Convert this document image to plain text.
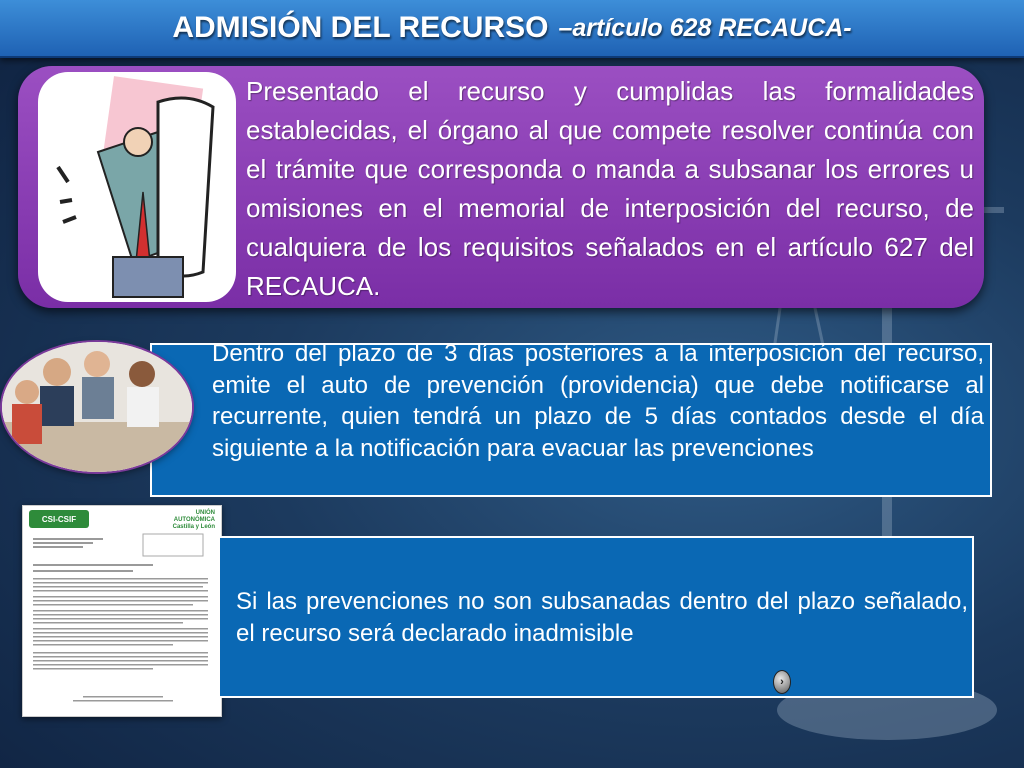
ADMISIÓN DEL RECURSO –artículo 628 RECAUCA-
Presentado el recurso y cumplidas las formalidades establecidas, el órgano al que compete resolver continúa con el trámite que corresponda o manda a subsanar los errores u omisiones en el memorial de interposición del recurso, de cualquiera de los requisitos señalados en el artículo 627 del RECAUCA.
Dentro del plazo de 3 días posteriores a la interposición del recurso, emite el auto de prevención (providencia) que debe notificarse al recurrente, quien tendrá un plazo de 5 días contados desde el día siguiente a la notificación para evacuar las prevenciones
CSI-CSIF
UNIÓN AUTONÓMICA Castilla y León
Si las prevenciones no son subsanadas dentro del plazo señalado, el recurso será declarado inadmisible
›
